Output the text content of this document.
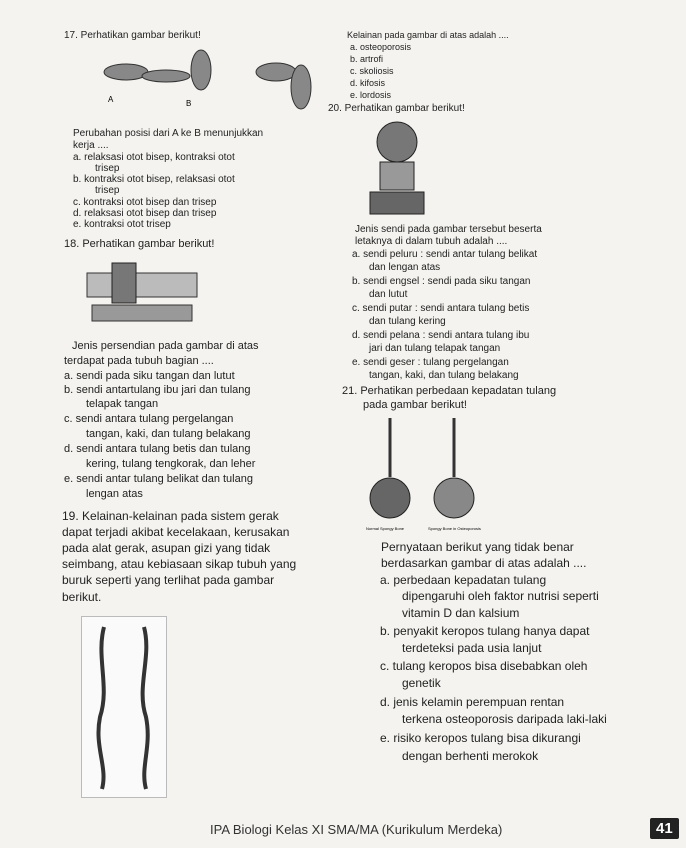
17. Perhatikan gambar berikut!
A	B
Perubahan posisi dari A ke B menunjukkan
kerja ....
a. relaksasi otot bisep, kontraksi otot
trisep
b. kontraksi otot bisep, relaksasi otot
trisep
c. kontraksi otot bisep dan trisep
d. relaksasi otot bisep dan trisep
e. kontraksi otot trisep
18. Perhatikan gambar berikut!
Jenis persendian pada gambar di atas
terdapat pada tubuh bagian ....
a. sendi pada siku tangan dan lutut
b. sendi antartulang ibu jari dan tulang
telapak tangan
c. sendi antara tulang pergelangan
tangan, kaki, dan tulang belakang
d. sendi antara tulang betis dan tulang
kering, tulang tengkorak, dan leher
e. sendi antar tulang belikat dan tulang
lengan atas
19. Kelainan-kelainan pada sistem gerak
dapat terjadi akibat kecelakaan, kerusakan
pada alat gerak, asupan gizi yang tidak
seimbang, atau kebiasaan sikap tubuh yang
buruk seperti yang terlihat pada gambar
berikut.
Kelainan pada gambar di atas adalah ....
a. osteoporosis
b. artrofi
c. skoliosis
d. kifosis
e. lordosis
20. Perhatikan gambar berikut!
Jenis sendi pada gambar tersebut beserta
letaknya di dalam tubuh adalah ....
a. sendi peluru : sendi antar tulang belikat
dan lengan atas
b. sendi engsel : sendi pada siku tangan
dan lutut
c. sendi putar : sendi antara tulang betis
dan tulang kering
d. sendi pelana : sendi antara tulang ibu
jari dan tulang telapak tangan
e. sendi geser : tulang pergelangan
tangan, kaki, dan tulang belakang
21. Perhatikan perbedaan kepadatan tulang
pada gambar berikut!
Normal Spongy Bone	Spongy Bone in Osteoporosis
Pernyataan berikut yang tidak benar
berdasarkan gambar di atas adalah ....
a. perbedaan kepadatan tulang
dipengaruhi oleh faktor nutrisi seperti
vitamin D dan kalsium
b. penyakit keropos tulang hanya dapat
terdeteksi pada usia lanjut
c. tulang keropos bisa disebabkan oleh
genetik
d. jenis kelamin perempuan rentan
terkena osteoporosis daripada laki-laki
e. risiko keropos tulang bisa dikurangi
dengan berhenti merokok
IPA Biologi Kelas XI SMA/MA (Kurikulum Merdeka)	41
